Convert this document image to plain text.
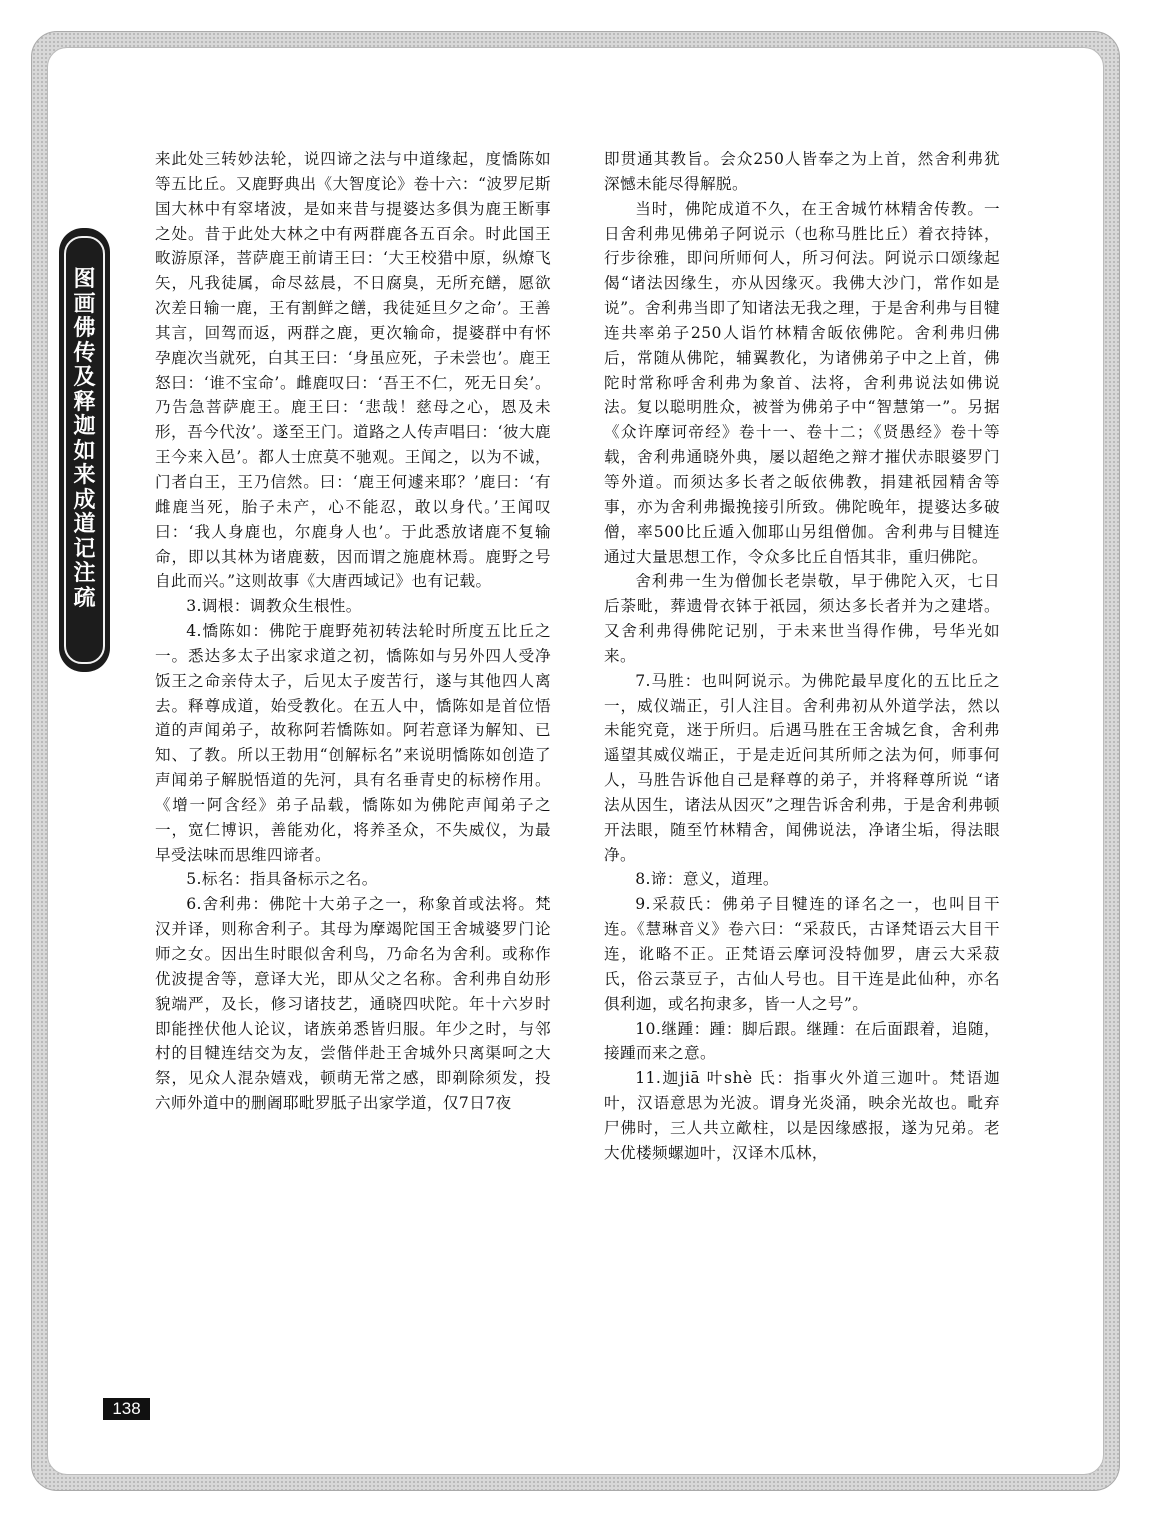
图
画
佛
传
及
释
迦
如
来
成
道
记
注
疏

来此处三转妙法轮，说四谛之法与中道缘起，度憍陈如等五比丘。又鹿野典出《大智度论》卷十六：“波罗尼斯国大林中有窣堵波，是如来昔与提婆达多俱为鹿王断事之处。昔于此处大林之中有两群鹿各五百余。时此国王畋游原泽，菩萨鹿王前请王曰：‘大王校猎中原，纵燎飞矢，凡我徒属，命尽兹晨，不日腐臭，无所充饍，愿欲次差日输一鹿，王有割鲜之饍，我徒延旦夕之命’。王善其言，回驾而返，两群之鹿，更次输命，提婆群中有怀孕鹿次当就死，白其王曰：‘身虽应死，子未尝也’。鹿王怒曰：‘谁不宝命’。雌鹿叹曰：‘吾王不仁，死无日矣’。乃告急菩萨鹿王。鹿王曰：‘悲哉！慈母之心，恩及未形，吾今代汝’。遂至王门。道路之人传声唱曰：‘彼大鹿王今来入邑’。都人士庶莫不驰观。王闻之，以为不诚，门者白王，王乃信然。曰：‘鹿王何遽来耶？’鹿曰：‘有雌鹿当死，胎子未产，心不能忍，敢以身代。’王闻叹曰：‘我人身鹿也，尔鹿身人也’。于此悉放诸鹿不复输命，即以其林为诸鹿薮，因而谓之施鹿林焉。鹿野之号自此而兴。”这则故事《大唐西域记》也有记载。

3.调根：调教众生根性。

4.憍陈如：佛陀于鹿野苑初转法轮时所度五比丘之一。悉达多太子出家求道之初，憍陈如与另外四人受净饭王之命亲侍太子，后见太子废苦行，遂与其他四人离去。释尊成道，始受教化。在五人中，憍陈如是首位悟道的声闻弟子，故称阿若憍陈如。阿若意译为解知、已知、了教。所以王勃用“创解标名”来说明憍陈如创造了声闻弟子解脱悟道的先河，具有名垂青史的标榜作用。《增一阿含经》弟子品载，憍陈如为佛陀声闻弟子之一，宽仁博识，善能劝化，将养圣众，不失威仪，为最早受法味而思维四谛者。

5.标名：指具备标示之名。

6.舍利弗：佛陀十大弟子之一，称象首或法将。梵汉并译，则称舍利子。其母为摩竭陀国王舍城婆罗门论师之女。因出生时眼似舍利鸟，乃命名为舍利。或称作优波提舍等，意译大光，即从父之名称。舍利弗自幼形貌端严，及长，修习诸技艺，通晓四吠陀。年十六岁时即能挫伏他人论议，诸族弟悉皆归服。年少之时，与邻村的目犍连结交为友，尝偕伴赴王舍城外只离渠呵之大祭，见众人混杂嬉戏，顿萌无常之感，即剃除须发，投六师外道中的删阇耶毗罗胝子出家学道，仅7日7夜

即贯通其教旨。会众250人皆奉之为上首，然舍利弗犹深憾未能尽得解脱。

当时，佛陀成道不久，在王舍城竹林精舍传教。一日舍利弗见佛弟子阿说示（也称马胜比丘）着衣持钵，行步徐雅，即问所师何人，所习何法。阿说示口颂缘起偈“诸法因缘生，亦从因缘灭。我佛大沙门，常作如是说”。舍利弗当即了知诸法无我之理，于是舍利弗与目犍连共率弟子250人诣竹林精舍皈依佛陀。舍利弗归佛后，常随从佛陀，辅翼教化，为诸佛弟子中之上首，佛陀时常称呼舍利弗为象首、法将，舍利弗说法如佛说法。复以聪明胜众，被誉为佛弟子中“智慧第一”。另据《众许摩诃帝经》卷十一、卷十二；《贤愚经》卷十等载，舍利弗通晓外典，屡以超绝之辩才摧伏赤眼婆罗门等外道。而须达多长者之皈依佛教，捐建祇园精舍等事，亦为舍利弗撮挽接引所致。佛陀晚年，提婆达多破僧，率500比丘遁入伽耶山另组僧伽。舍利弗与目犍连通过大量思想工作，令众多比丘自悟其非，重归佛陀。

舍利弗一生为僧伽长老崇敬，早于佛陀入灭，七日后荼毗，葬遗骨衣钵于祇园，须达多长者并为之建塔。又舍利弗得佛陀记别，于未来世当得作佛，号华光如来。

7.马胜：也叫阿说示。为佛陀最早度化的五比丘之一，威仪端正，引人注目。舍利弗初从外道学法，然以未能究竟，迷于所归。后遇马胜在王舍城乞食，舍利弗遥望其威仪端正，于是走近问其所师之法为何，师事何人，马胜告诉他自己是释尊的弟子，并将释尊所说 “诸法从因生，诸法从因灭”之理告诉舍利弗，于是舍利弗顿开法眼，随至竹林精舍，闻佛说法，净诸尘垢，得法眼净。

8.谛：意义，道理。

9.采菽氏：佛弟子目犍连的译名之一，也叫目干连。《慧琳音义》卷六曰：“采菽氏，古译梵语云大目干连，讹略不正。正梵语云摩诃没特伽罗，唐云大采菽氏，俗云菉豆子，古仙人号也。目干连是此仙种，亦名俱利迦，或名拘隶多，皆一人之号”。

10.继踵：踵：脚后跟。继踵：在后面跟着，追随，接踵而来之意。

11.迦jiā 叶shè 氏：指事火外道三迦叶。梵语迦叶，汉语意思为光波。谓身光炎涌，映余光故也。毗弃尸佛时，三人共立歒柱，以是因缘感报，遂为兄弟。老大优楼频螺迦叶，汉译木瓜林，

138
